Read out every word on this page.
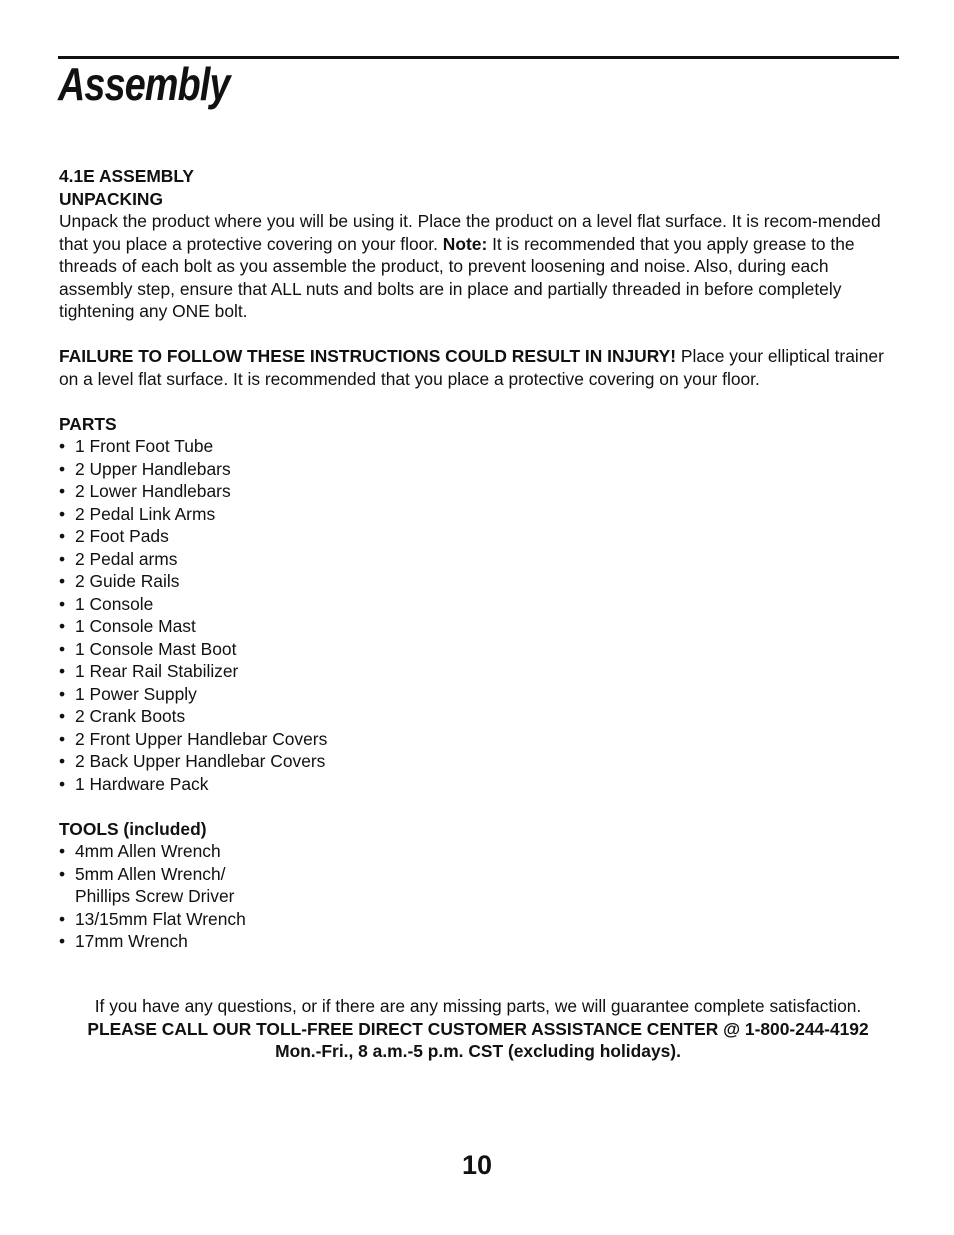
Assembly
4.1E ASSEMBLY
UNPACKING

Unpack the product where you will be using it. Place the product on a level flat surface. It is recom-mended that you place a protective covering on your floor. Note: It is recommended that you apply grease to the threads of each bolt as you assemble the product, to prevent loosening and noise. Also, during each assembly step, ensure that ALL nuts and bolts are in place and partially threaded in before completely tightening any ONE bolt.

FAILURE TO FOLLOW THESE INSTRUCTIONS COULD RESULT IN INJURY! Place your elliptical trainer on a level flat surface. It is recommended that you place a protective covering on your floor.

PARTS
• 1 Front Foot Tube
• 2 Upper Handlebars
• 2 Lower Handlebars
• 2 Pedal Link Arms
• 2 Foot Pads
• 2 Pedal arms
• 2 Guide Rails
• 1 Console
• 1 Console Mast
• 1 Console Mast Boot
• 1 Rear Rail Stabilizer
• 1 Power Supply
• 2 Crank Boots
• 2 Front Upper Handlebar Covers
• 2 Back Upper Handlebar Covers
• 1 Hardware Pack
TOOLS (included)
• 4mm Allen Wrench
• 5mm Allen Wrench/ Phillips Screw Driver
• 13/15mm Flat Wrench
• 17mm Wrench
If you have any questions, or if there are any missing parts, we will guarantee complete satisfaction.
PLEASE CALL OUR TOLL-FREE DIRECT CUSTOMER ASSISTANCE CENTER @ 1-800-244-4192
Mon.-Fri., 8 a.m.-5 p.m. CST (excluding holidays).
10
